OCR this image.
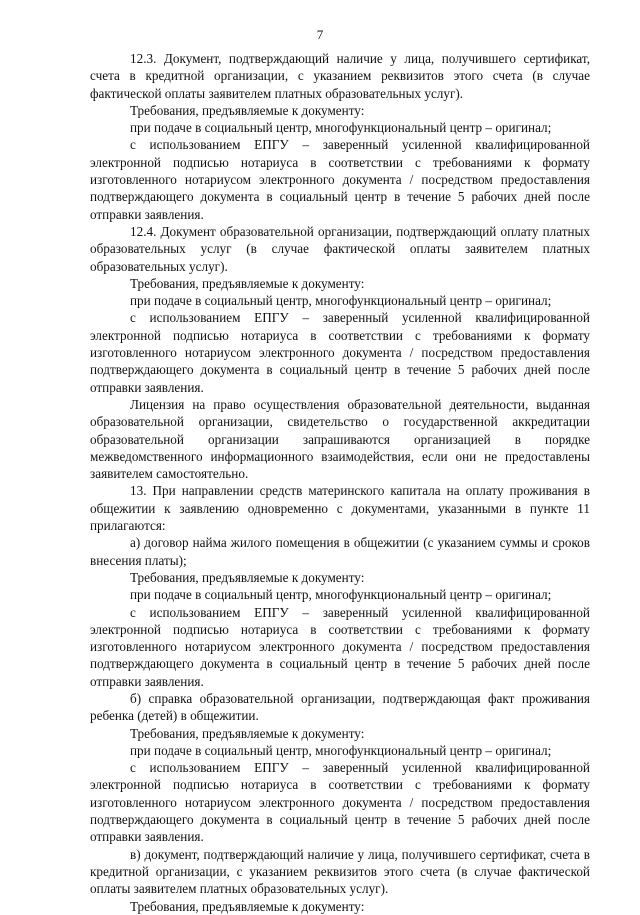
7

12.3. Документ, подтверждающий наличие у лица, получившего сертификат, счета в кредитной организации, с указанием реквизитов этого счета (в случае фактической оплаты заявителем платных образовательных услуг).

Требования, предъявляемые к документу:

при подаче в социальный центр, многофункциональный центр – оригинал;

с использованием ЕПГУ – заверенный усиленной квалифицированной электронной подписью нотариуса в соответствии с требованиями к формату изготовленного нотариусом электронного документа / посредством предоставления подтверждающего документа в социальный центр в течение 5 рабочих дней после отправки заявления.

12.4. Документ образовательной организации, подтверждающий оплату платных образовательных услуг (в случае фактической оплаты заявителем платных образовательных услуг).

Требования, предъявляемые к документу:

при подаче в социальный центр, многофункциональный центр – оригинал;

с использованием ЕПГУ – заверенный усиленной квалифицированной электронной подписью нотариуса в соответствии с требованиями к формату изготовленного нотариусом электронного документа / посредством предоставления подтверждающего документа в социальный центр в течение 5 рабочих дней после отправки заявления.

Лицензия на право осуществления образовательной деятельности, выданная образовательной организации, свидетельство о государственной аккредитации образовательной организации запрашиваются организацией в порядке межведомственного информационного взаимодействия, если они не предоставлены заявителем самостоятельно.

13. При направлении средств материнского капитала на оплату проживания в общежитии к заявлению одновременно с документами, указанными в пункте 11 прилагаются:

а) договор найма жилого помещения в общежитии (с указанием суммы и сроков внесения платы);

Требования, предъявляемые к документу:

при подаче в социальный центр, многофункциональный центр – оригинал;

с использованием ЕПГУ – заверенный усиленной квалифицированной электронной подписью нотариуса в соответствии с требованиями к формату изготовленного нотариусом электронного документа / посредством предоставления подтверждающего документа в социальный центр в течение 5 рабочих дней после отправки заявления.

б) справка образовательной организации, подтверждающая факт проживания ребенка (детей) в общежитии.

Требования, предъявляемые к документу:

при подаче в социальный центр, многофункциональный центр – оригинал;

с использованием ЕПГУ – заверенный усиленной квалифицированной электронной подписью нотариуса в соответствии с требованиями к формату изготовленного нотариусом электронного документа / посредством предоставления подтверждающего документа в социальный центр в течение 5 рабочих дней после отправки заявления.

в) документ, подтверждающий наличие у лица, получившего сертификат, счета в кредитной организации, с указанием реквизитов этого счета (в случае фактической оплаты заявителем платных образовательных услуг).

Требования, предъявляемые к документу:
